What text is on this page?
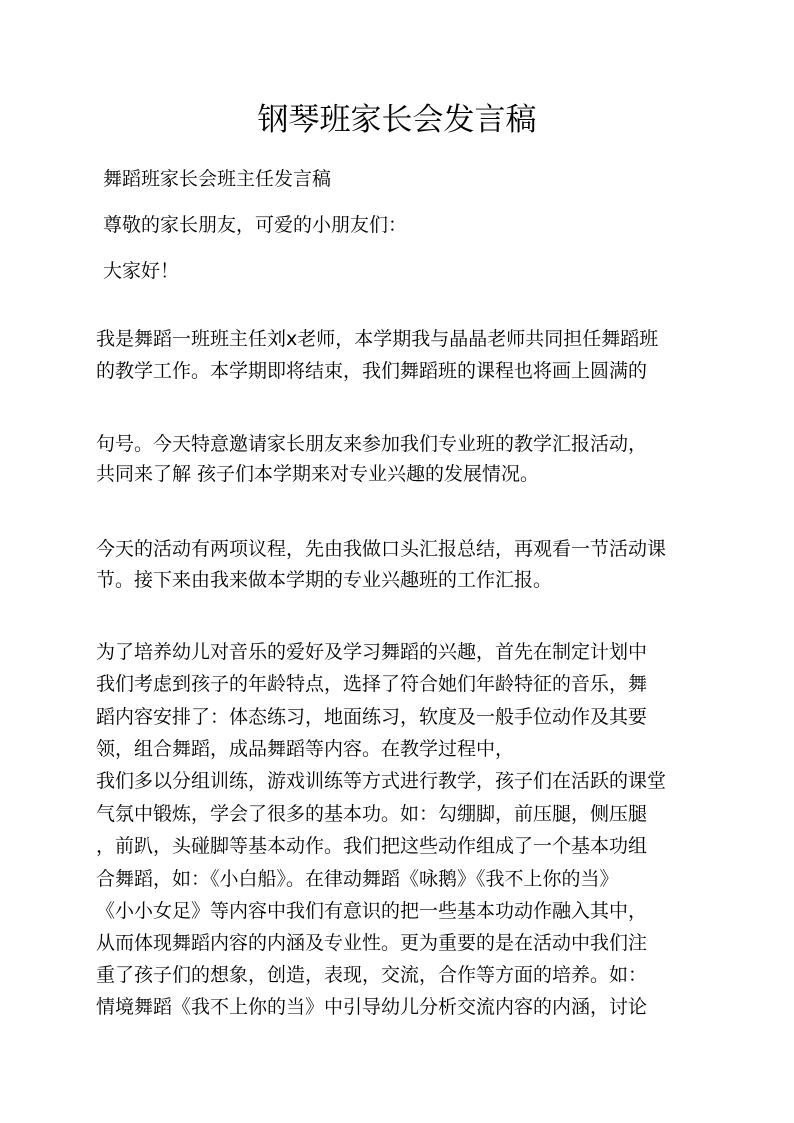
钢琴班家长会发言稿

舞蹈班家长会班主任发言稿

尊敬的家长朋友，可爱的小朋友们：

大家好！

我是舞蹈一班班主任刘x老师，本学期我与晶晶老师共同担任舞蹈班

的教学工作。本学期即将结束，我们舞蹈班的课程也将画上圆满的

句号。今天特意邀请家长朋友来参加我们专业班的教学汇报活动，

共同来了解 孩子们本学期来对专业兴趣的发展情况。

今天的活动有两项议程，先由我做口头汇报总结，再观看一节活动课

节。接下来由我来做本学期的专业兴趣班的工作汇报。

为了培养幼儿对音乐的爱好及学习舞蹈的兴趣，首先在制定计划中

我们考虑到孩子的年龄特点，选择了符合她们年龄特征的音乐，舞

蹈内容安排了：体态练习，地面练习，软度及一般手位动作及其要

领，组合舞蹈，成品舞蹈等内容。在教学过程中，

我们多以分组训练，游戏训练等方式进行教学，孩子们在活跃的课堂

气氛中锻炼，学会了很多的基本功。如：勾绷脚，前压腿，侧压腿

，前趴，头碰脚等基本动作。我们把这些动作组成了一个基本功组

合舞蹈，如：《小白船》。在律动舞蹈《咏鹅》《我不上你的当》

《小小女足》等内容中我们有意识的把一些基本功动作融入其中，

从而体现舞蹈内容的内涵及专业性。更为重要的是在活动中我们注

重了孩子们的想象，创造，表现，交流，合作等方面的培养。如：

情境舞蹈《我不上你的当》中引导幼儿分析交流内容的内涵，讨论
